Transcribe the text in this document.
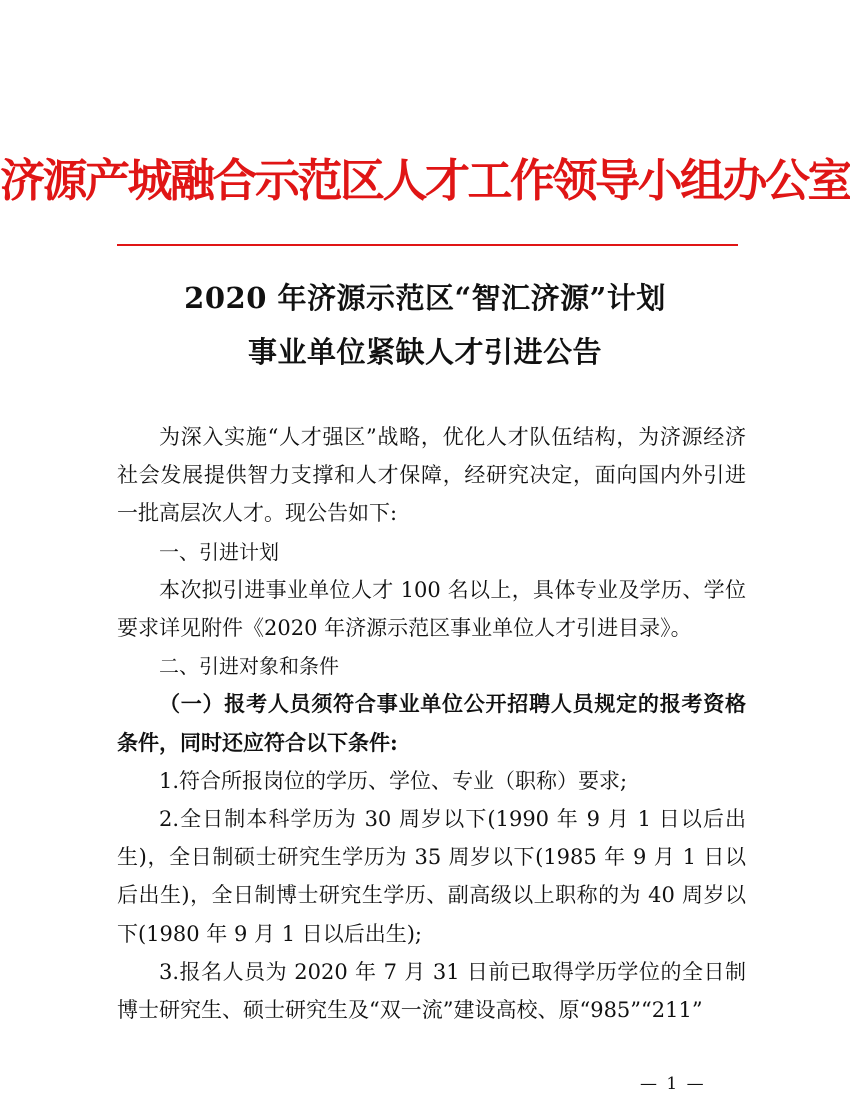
济源产城融合示范区人才工作领导小组办公室
2020 年济源示范区“智汇济源”计划
事业单位紧缺人才引进公告

为深入实施“人才强区”战略，优化人才队伍结构，为济源经济社会发展提供智力支撑和人才保障，经研究决定，面向国内外引进一批高层次人才。现公告如下:

一、引进计划

本次拟引进事业单位人才 100 名以上，具体专业及学历、学位要求详见附件《2020 年济源示范区事业单位人才引进目录》。

二、引进对象和条件

（一）报考人员须符合事业单位公开招聘人员规定的报考资格条件，同时还应符合以下条件:

1.符合所报岗位的学历、学位、专业（职称）要求;

2.全日制本科学历为 30 周岁以下(1990 年 9 月 1 日以后出生)，全日制硕士研究生学历为 35 周岁以下(1985 年 9 月 1 日以后出生)，全日制博士研究生学历、副高级以上职称的为 40 周岁以下(1980 年 9 月 1 日以后出生);

3.报名人员为 2020 年 7 月 31 日前已取得学历学位的全日制博士研究生、硕士研究生及“双一流”建设高校、原“985”“211”

— 1 —
